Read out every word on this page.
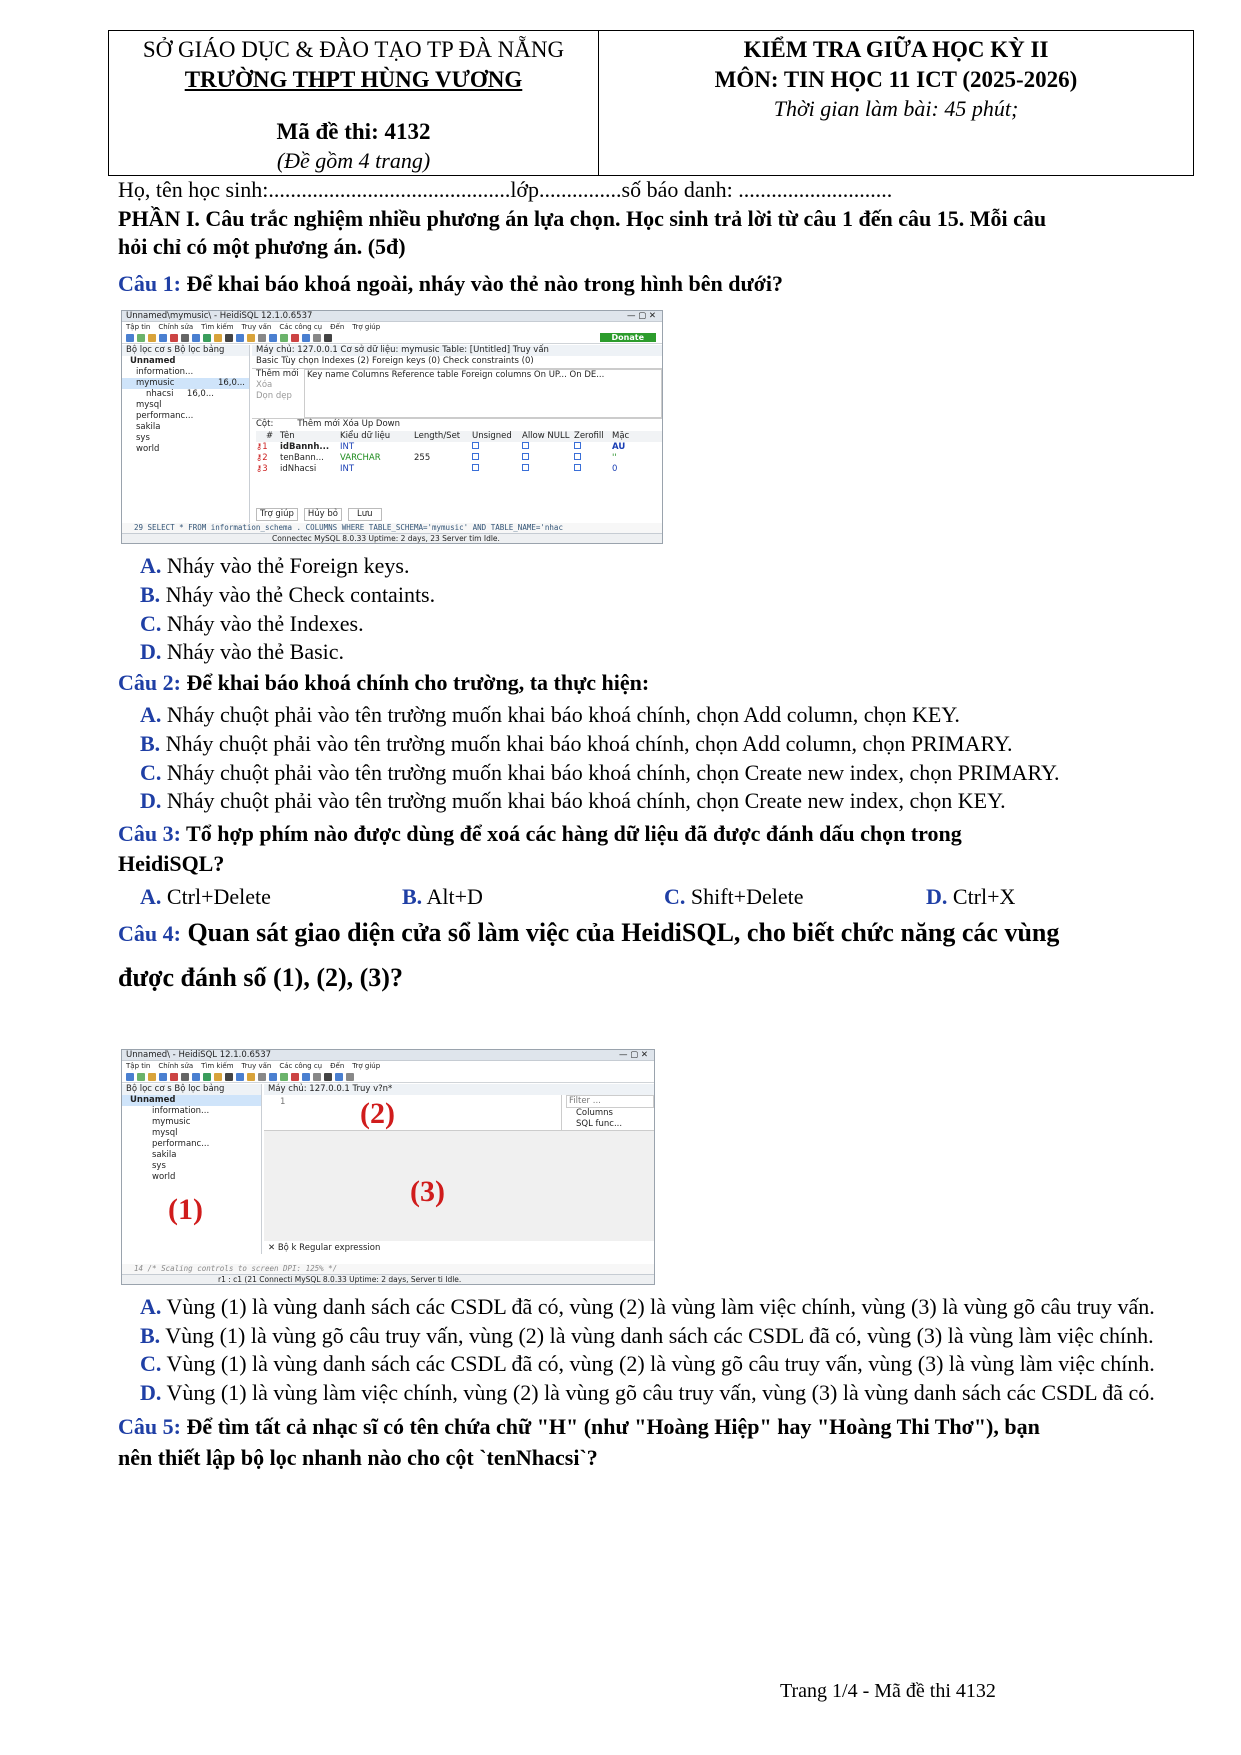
SỞ GIÁO DỤC & ĐÀO TẠO TP ĐÀ NẴNG
TRƯỜNG THPT HÙNG VƯƠNG
Mã đề thi: 4132
(Đề gồm 4 trang)
KIỂM TRA GIỮA HỌC KỲ II
MÔN: TIN HỌC 11 ICT (2025-2026)
Thời gian làm bài: 45 phút;
Họ, tên học sinh:............................................lớp...............số báo danh: ............................
PHẦN I. Câu trắc nghiệm nhiều phương án lựa chọn. Học sinh trả lời từ câu 1 đến câu 15. Mỗi câu
hỏi chỉ có một phương án. (5đ)
Câu 1: Để khai báo khoá ngoài, nháy vào thẻ nào trong hình bên dưới?
Unnamed\mymusic\ - HeidiSQL 12.1.0.6537	— ▢ ✕
Tập tin Chỉnh sửa Tìm kiếm Truy vấn Các công cụ Đến Trợ giúp
Donate
Bộ lọc cơ s Bộ lọc bảng
Unnamed
information...
mymusic	16,0...
nhacsi 16,0...
mysql
performanc...
sakila
sys
world
Máy chủ: 127.0.0.1 Cơ sở dữ liệu: mymusic Table: [Untitled] Truy vấn
Basic Tùy chọn Indexes (2) Foreign keys (0) Check constraints (0)
Thêm mới
Xóa
Dọn dẹp
Key name Columns Reference table Foreign columns On UP... On DE...
Cột:	Thêm mới Xóa Up Down
# Tên	Kiểu dữ liệu	Length/Set	Unsigned	Allow NULL Zerofill Mặc
⚷1	idBannh...	INT	AU
⚷2	tenBann...	VARCHAR	255	''
⚷3	idNhacsi	INT	0
Trợ giúp	Hủy bỏ	Lưu
29 SELECT * FROM information_schema . COLUMNS WHERE TABLE_SCHEMA='mymusic' AND TABLE_NAME='nhac
Connectec MySQL 8.0.33 Uptime: 2 days, 23 Server tim Idle.
A. Nháy vào thẻ Foreign keys.
B. Nháy vào thẻ Check containts.
C. Nháy vào thẻ Indexes.
D. Nháy vào thẻ Basic.
Câu 2: Để khai báo khoá chính cho trường, ta thực hiện:
A. Nháy chuột phải vào tên trường muốn khai báo khoá chính, chọn Add column, chọn KEY.
B. Nháy chuột phải vào tên trường muốn khai báo khoá chính, chọn Add column, chọn PRIMARY.
C. Nháy chuột phải vào tên trường muốn khai báo khoá chính, chọn Create new index, chọn PRIMARY.
D. Nháy chuột phải vào tên trường muốn khai báo khoá chính, chọn Create new index, chọn KEY.
Câu 3: Tổ hợp phím nào được dùng để xoá các hàng dữ liệu đã được đánh dấu chọn trong
HeidiSQL?
A. Ctrl+Delete	B. Alt+D	C. Shift+Delete	D. Ctrl+X
Câu 4: Quan sát giao diện cửa sổ làm việc của HeidiSQL, cho biết chức năng các vùng
được đánh số (1), (2), (3)?
Unnamed\ - HeidiSQL 12.1.0.6537	— ▢ ✕
Tập tin Chỉnh sửa Tìm kiếm Truy vấn Các công cụ Đến Trợ giúp
Bộ lọc cơ s Bộ lọc bảng
Unnamed
information...
mymusic
mysql
performanc...
sakila
sys
world
Máy chủ: 127.0.0.1 Truy v?n*
1	Filter ...
Columns
SQL func...
✕ Bộ k Regular expression
(1)
(2)
(3)
14 /* Scaling controls to screen DPI: 125% */
r1 : c1 (21 Connecti MySQL 8.0.33 Uptime: 2 days, Server ti Idle.
A. Vùng (1) là vùng danh sách các CSDL đã có, vùng (2) là vùng làm việc chính, vùng (3) là vùng gõ câu truy vấn.
B. Vùng (1) là vùng gõ câu truy vấn, vùng (2) là vùng danh sách các CSDL đã có, vùng (3) là vùng làm việc chính.
C. Vùng (1) là vùng danh sách các CSDL đã có, vùng (2) là vùng gõ câu truy vấn, vùng (3) là vùng làm việc chính.
D. Vùng (1) là vùng làm việc chính, vùng (2) là vùng gõ câu truy vấn, vùng (3) là vùng danh sách các CSDL đã có.
Câu 5: Để tìm tất cả nhạc sĩ có tên chứa chữ "H" (như "Hoàng Hiệp" hay "Hoàng Thi Thơ"), bạn
nên thiết lập bộ lọc nhanh nào cho cột `tenNhacsi`?
Trang 1/4 - Mã đề thi 4132
